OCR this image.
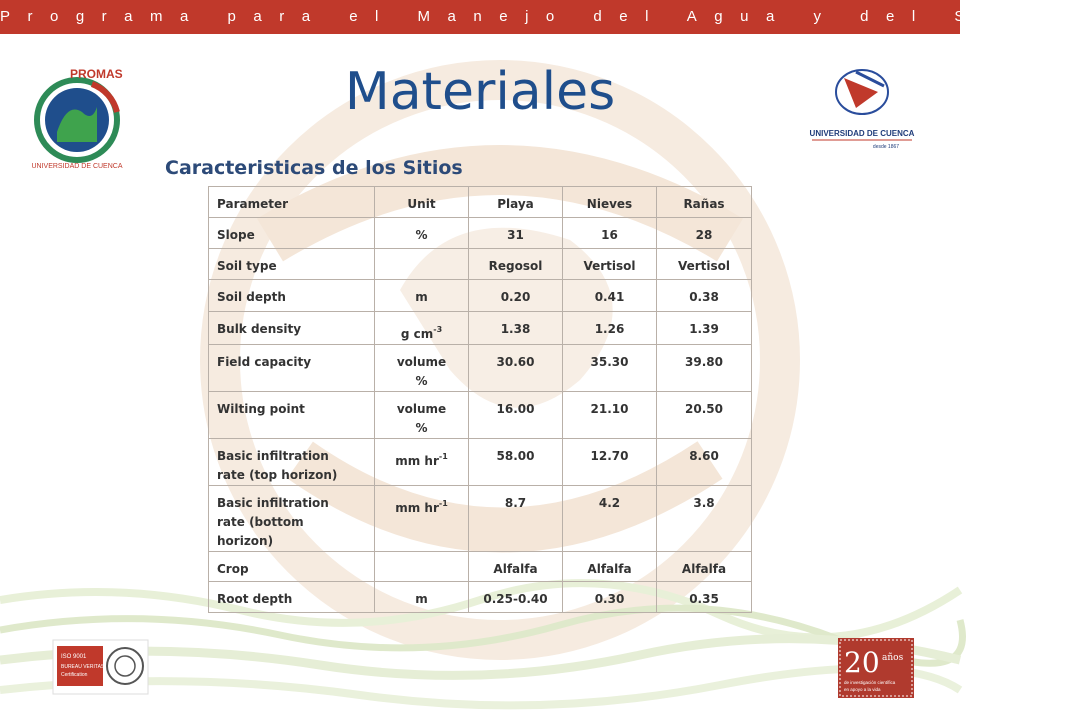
Programa para el Manejo del Agua y del Suelo
Materiales
PROMAS
UNIVERSIDAD DE CUENCA
UNIVERSIDAD DE CUENCA
desde 1867
Caracteristicas de los Sitios
Parameter	Unit	Playa	Nieves	Rañas

Slope	%	31	16	28

Soil type		Regosol	Vertisol	Vertisol

Soil depth	m	0.20	0.41	0.38

Bulk density	g $cm^{-3}$	1.38	1.26	1.39

Field capacity	volume %	30.60	35.30	39.80

Wilting point	volume %	16.00	21.10	20.50

Basic infiltration rate (top horizon)	mm $hr^{-1}$	58.00	12.70	8.60

Basic infiltration rate (bottom horizon)	mm $hr^{-1}$	8.7	4.2	3.8

Crop		Alfalfa	Alfalfa	Alfalfa

Root depth	m	0.25-0.40	0.30	0.35
ISO 9001
BUREAU VERITAS
Certification	20 años
de investigación científica
en apoyo a la vida
